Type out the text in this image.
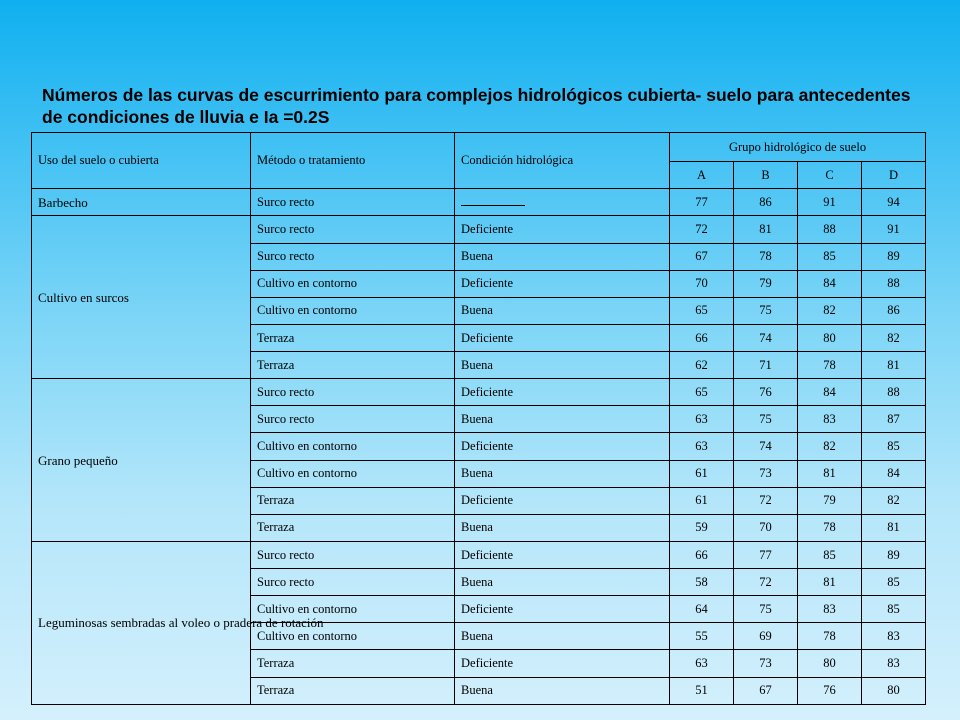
Números de las curvas de escurrimiento para complejos hidrológicos cubierta- suelo para antecedentes de condiciones de lluvia e Ia =0.2S
Uso del suelo o cubierta	Método o tratamiento	Condición hidrológica	Grupo hidrológico de suelo			
			A	B	C	D
Barbecho	Surco recto		77	86	91	94
Cultivo en surcos	Surco recto	Deficiente	72	81	88	91
	Surco recto	Buena	67	78	85	89
	Cultivo en contorno	Deficiente	70	79	84	88
	Cultivo en contorno	Buena	65	75	82	86
	Terraza	Deficiente	66	74	80	82
	Terraza	Buena	62	71	78	81
Grano pequeño	Surco recto	Deficiente	65	76	84	88
	Surco recto	Buena	63	75	83	87
	Cultivo en contorno	Deficiente	63	74	82	85
	Cultivo en contorno	Buena	61	73	81	84
	Terraza	Deficiente	61	72	79	82
	Terraza	Buena	59	70	78	81
Leguminosas sembradas al voleo o pradera de rotación	Surco recto	Deficiente	66	77	85	89
	Surco recto	Buena	58	72	81	85
	Cultivo en contorno	Deficiente	64	75	83	85
	Cultivo en contorno	Buena	55	69	78	83
	Terraza	Deficiente	63	73	80	83
	Terraza	Buena	51	67	76	80
